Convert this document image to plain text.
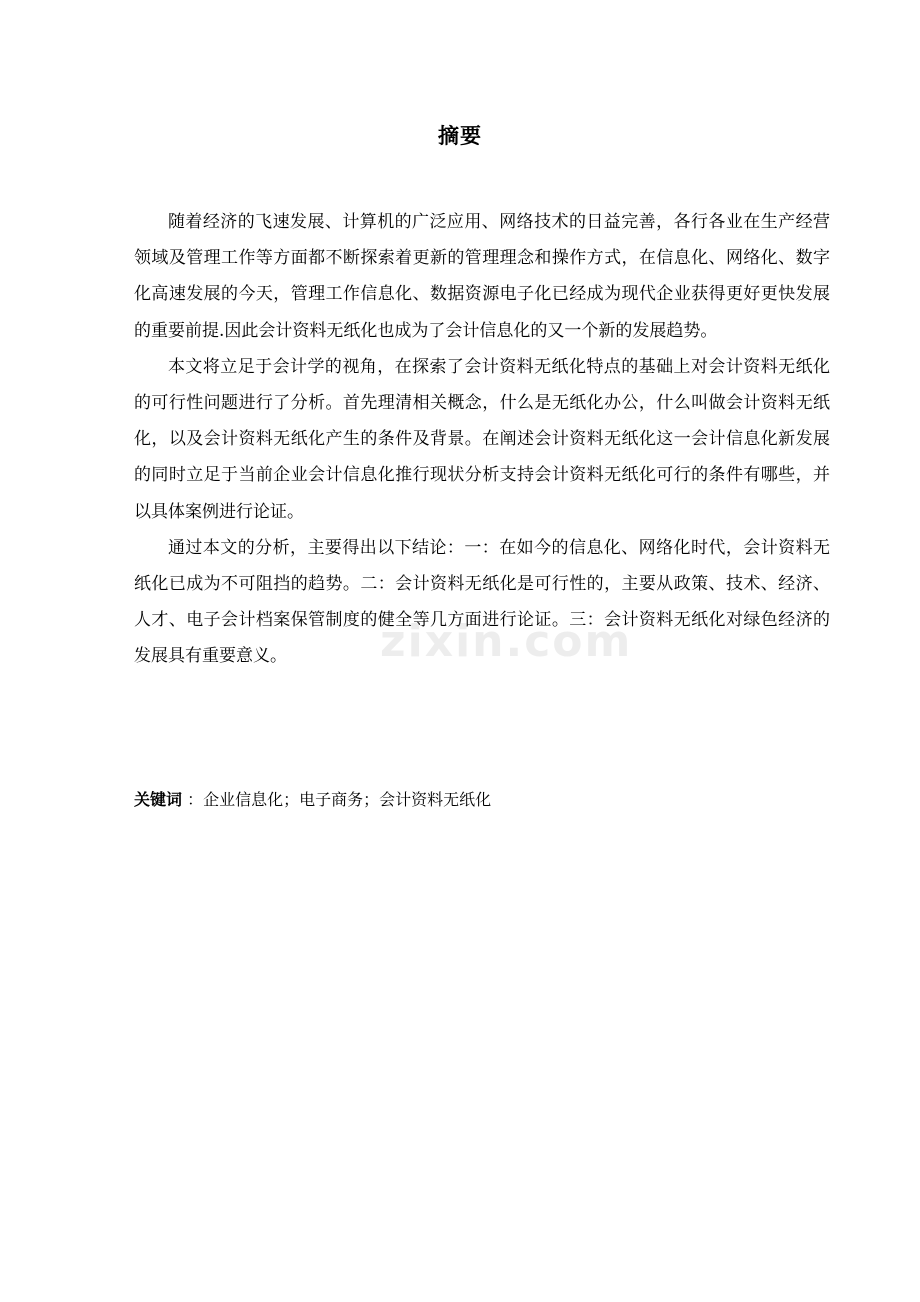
摘要

随着经济的飞速发展、计算机的广泛应用、网络技术的日益完善，各行各业在生产经营领域及管理工作等方面都不断探索着更新的管理理念和操作方式，在信息化、网络化、数字化高速发展的今天，管理工作信息化、数据资源电子化已经成为现代企业获得更好更快发展的重要前提.因此会计资料无纸化也成为了会计信息化的又一个新的发展趋势。

本文将立足于会计学的视角，在探索了会计资料无纸化特点的基础上对会计资料无纸化的可行性问题进行了分析。首先理清相关概念，什么是无纸化办公，什么叫做会计资料无纸化，以及会计资料无纸化产生的条件及背景。在阐述会计资料无纸化这一会计信息化新发展的同时立足于当前企业会计信息化推行现状分析支持会计资料无纸化可行的条件有哪些，并以具体案例进行论证。

通过本文的分析，主要得出以下结论：一：在如今的信息化、网络化时代，会计资料无纸化已成为不可阻挡的趋势。二：会计资料无纸化是可行性的，主要从政策、技术、经济、人才、电子会计档案保管制度的健全等几方面进行论证。三：会计资料无纸化对绿色经济的发展具有重要意义。

关键词 ：企业信息化；电子商务；会计资料无纸化
zixin.com
